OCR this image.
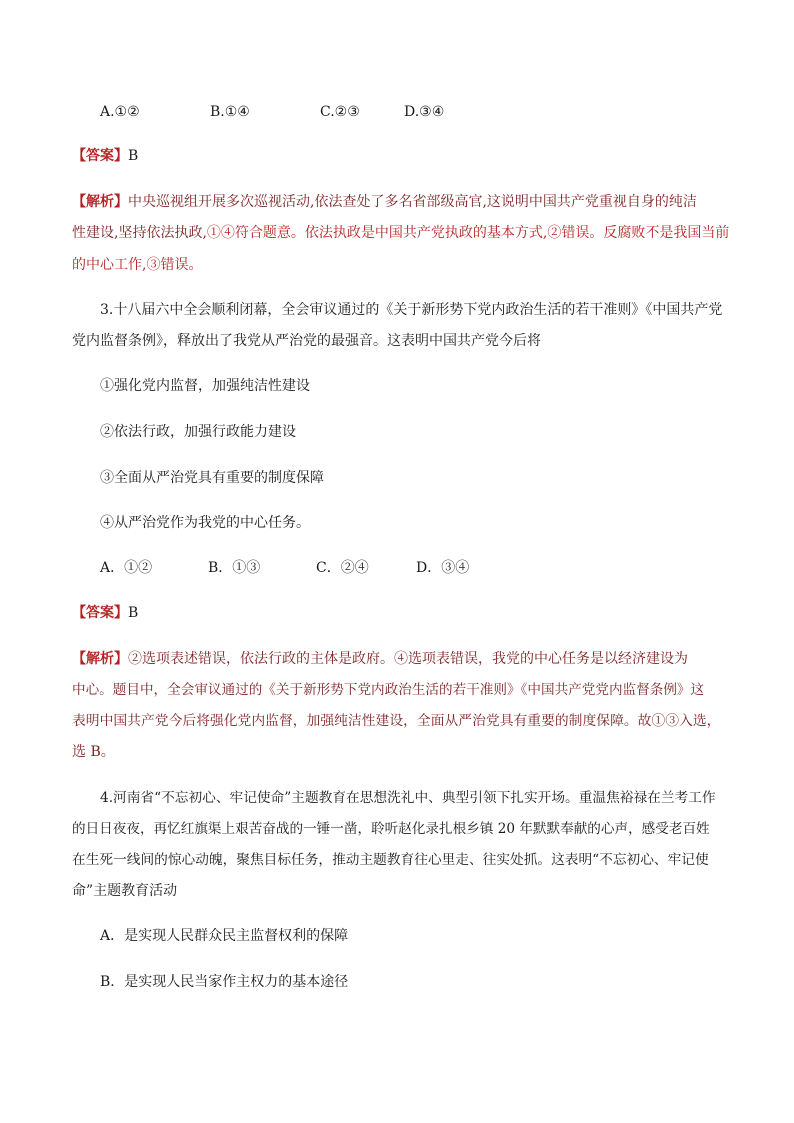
A.①②	B.①④	C.②③	D.③④
【答案】B
【解析】中央巡视组开展多次巡视活动,依法查处了多名省部级高官,这说明中国共产党重视自身的纯洁
性建设,坚持依法执政,①④符合题意。依法执政是中国共产党执政的基本方式,②错误。反腐败不是我国当前
的中心工作,③错误。
3.十八届六中全会顺利闭幕，全会审议通过的《关于新形势下党内政治生活的若干准则》《中国共产党
党内监督条例》，释放出了我党从严治党的最强音。这表明中国共产党今后将
①强化党内监督，加强纯洁性建设
②依法行政，加强行政能力建设
③全面从严治党具有重要的制度保障
④从严治党作为我党的中心任务。
A．①②	B．①③	C．②④	D．③④
【答案】B
【解析】②选项表述错误，依法行政的主体是政府。④选项表错误，我党的中心任务是以经济建设为
中心。题目中，全会审议通过的《关于新形势下党内政治生活的若干准则》《中国共产党党内监督条例》这
表明中国共产党今后将强化党内监督，加强纯洁性建设，全面从严治党具有重要的制度保障。故①③入选，
选 B。
4.河南省“不忘初心、牢记使命”主题教育在思想洗礼中、典型引领下扎实开场。重温焦裕禄在兰考工作
的日日夜夜，再忆红旗渠上艰苦奋战的一锤一凿，聆听赵化录扎根乡镇 20 年默默奉献的心声，感受老百姓
在生死一线间的惊心动魄，聚焦目标任务，推动主题教育往心里走、往实处抓。这表明“不忘初心、牢记使
命”主题教育活动
A．是实现人民群众民主监督权利的保障
B．是实现人民当家作主权力的基本途径
